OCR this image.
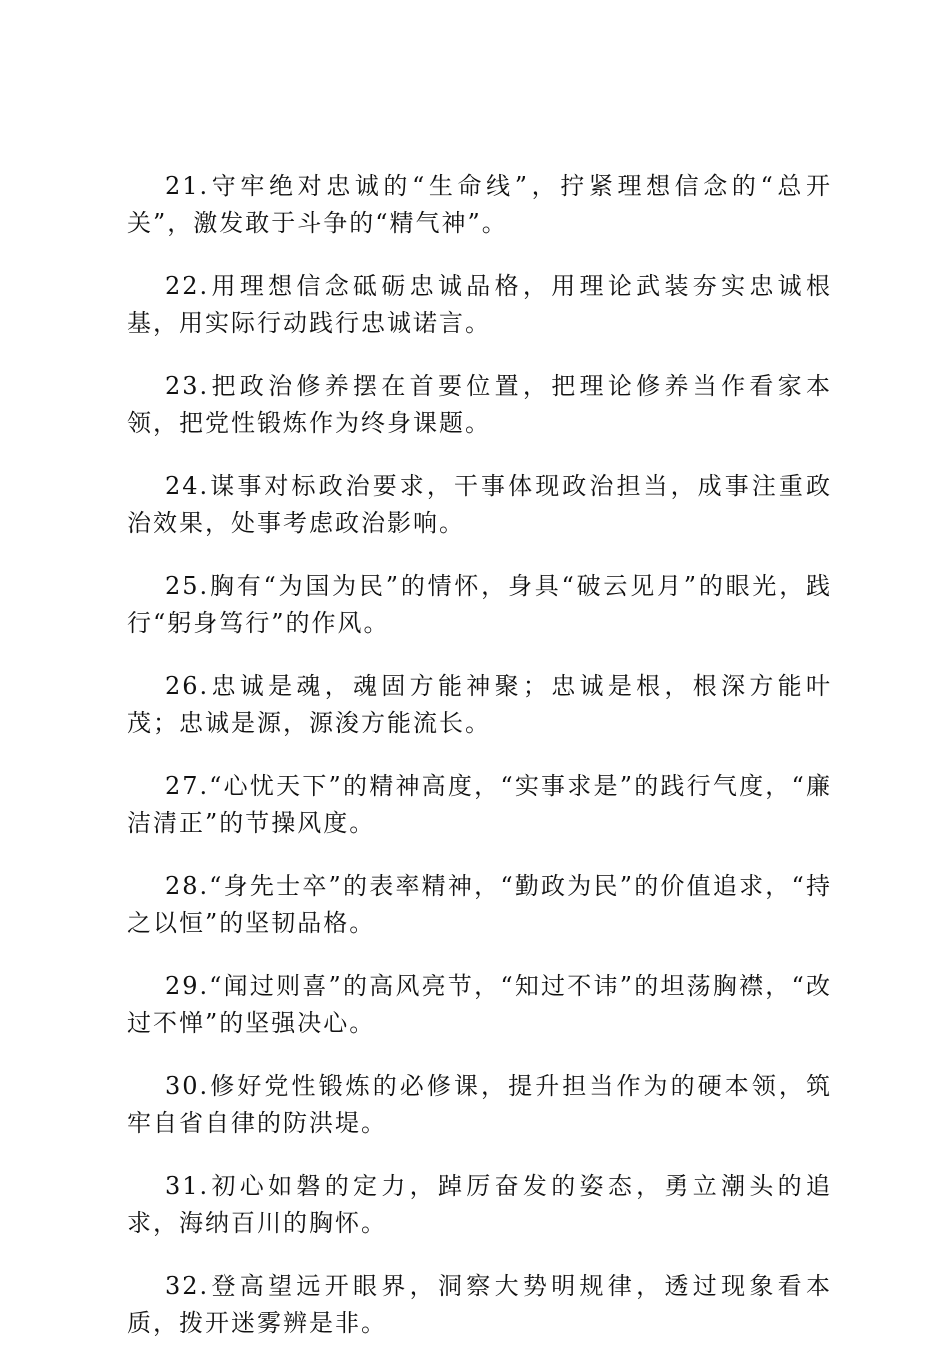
21.守牢绝对忠诚的“生命线”，拧紧理想信念的“总开关”，激发敢于斗争的“精气神”。

22.用理想信念砥砺忠诚品格，用理论武装夯实忠诚根基，用实际行动践行忠诚诺言。

23.把政治修养摆在首要位置，把理论修养当作看家本领，把党性锻炼作为终身课题。

24.谋事对标政治要求，干事体现政治担当，成事注重政治效果，处事考虑政治影响。

25.胸有“为国为民”的情怀，身具“破云见月”的眼光，践行“躬身笃行”的作风。

26.忠诚是魂，魂固方能神聚；忠诚是根，根深方能叶茂；忠诚是源，源浚方能流长。

27.“心忧天下”的精神高度，“实事求是”的践行气度，“廉洁清正”的节操风度。

28.“身先士卒”的表率精神，“勤政为民”的价值追求，“持之以恒”的坚韧品格。

29.“闻过则喜”的高风亮节，“知过不讳”的坦荡胸襟，“改过不惮”的坚强决心。

30.修好党性锻炼的必修课，提升担当作为的硬本领，筑牢自省自律的防洪堤。

31.初心如磐的定力，踔厉奋发的姿态，勇立潮头的追求，海纳百川的胸怀。

32.登高望远开眼界，洞察大势明规律，透过现象看本质，拨开迷雾辨是非。
